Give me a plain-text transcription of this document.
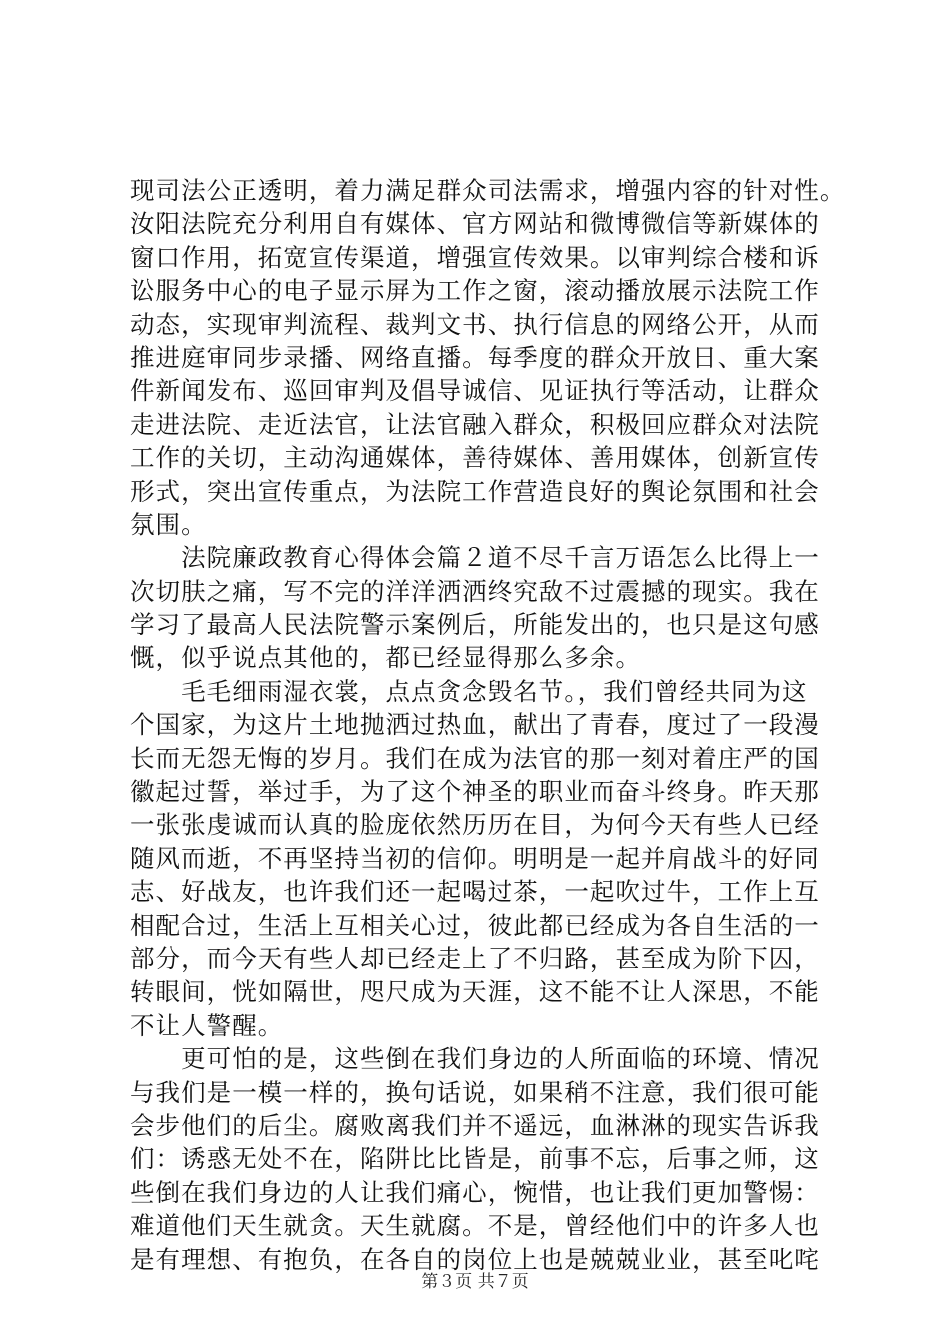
现司法公正透明，着力满足群众司法需求，增强内容的针对性。
汝阳法院充分利用自有媒体、官方网站和微博微信等新媒体的
窗口作用，拓宽宣传渠道，增强宣传效果。以审判综合楼和诉
讼服务中心的电子显示屏为工作之窗，滚动播放展示法院工作
动态，实现审判流程、裁判文书、执行信息的网络公开，从而
推进庭审同步录播、网络直播。每季度的群众开放日、重大案
件新闻发布、巡回审判及倡导诚信、见证执行等活动，让群众
走进法院、走近法官，让法官融入群众，积极回应群众对法院
工作的关切，主动沟通媒体，善待媒体、善用媒体，创新宣传
形式，突出宣传重点，为法院工作营造良好的舆论氛围和社会
氛围。
　　法院廉政教育心得体会篇２道不尽千言万语怎么比得上一
次切肤之痛，写不完的洋洋洒洒终究敌不过震撼的现实。我在
学习了最高人民法院警示案例后，所能发出的，也只是这句感
慨，似乎说点其他的，都已经显得那么多余。
　　毛毛细雨湿衣裳，点点贪念毁名节。，我们曾经共同为这
个国家，为这片土地抛洒过热血，献出了青春，度过了一段漫
长而无怨无悔的岁月。我们在成为法官的那一刻对着庄严的国
徽起过誓，举过手，为了这个神圣的职业而奋斗终身。昨天那
一张张虔诚而认真的脸庞依然历历在目，为何今天有些人已经
随风而逝，不再坚持当初的信仰。明明是一起并肩战斗的好同
志、好战友，也许我们还一起喝过茶，一起吹过牛，工作上互
相配合过，生活上互相关心过，彼此都已经成为各自生活的一
部分，而今天有些人却已经走上了不归路，甚至成为阶下囚，
转眼间，恍如隔世，咫尺成为天涯，这不能不让人深思，不能
不让人警醒。
　　更可怕的是，这些倒在我们身边的人所面临的环境、情况
与我们是一模一样的，换句话说，如果稍不注意，我们很可能
会步他们的后尘。腐败离我们并不遥远，血淋淋的现实告诉我
们：诱惑无处不在，陷阱比比皆是，前事不忘，后事之师，这
些倒在我们身边的人让我们痛心，惋惜，也让我们更加警惕：
难道他们天生就贪。天生就腐。不是，曾经他们中的许多人也
是有理想、有抱负，在各自的岗位上也是兢兢业业，甚至叱咤
第３页 共７页
